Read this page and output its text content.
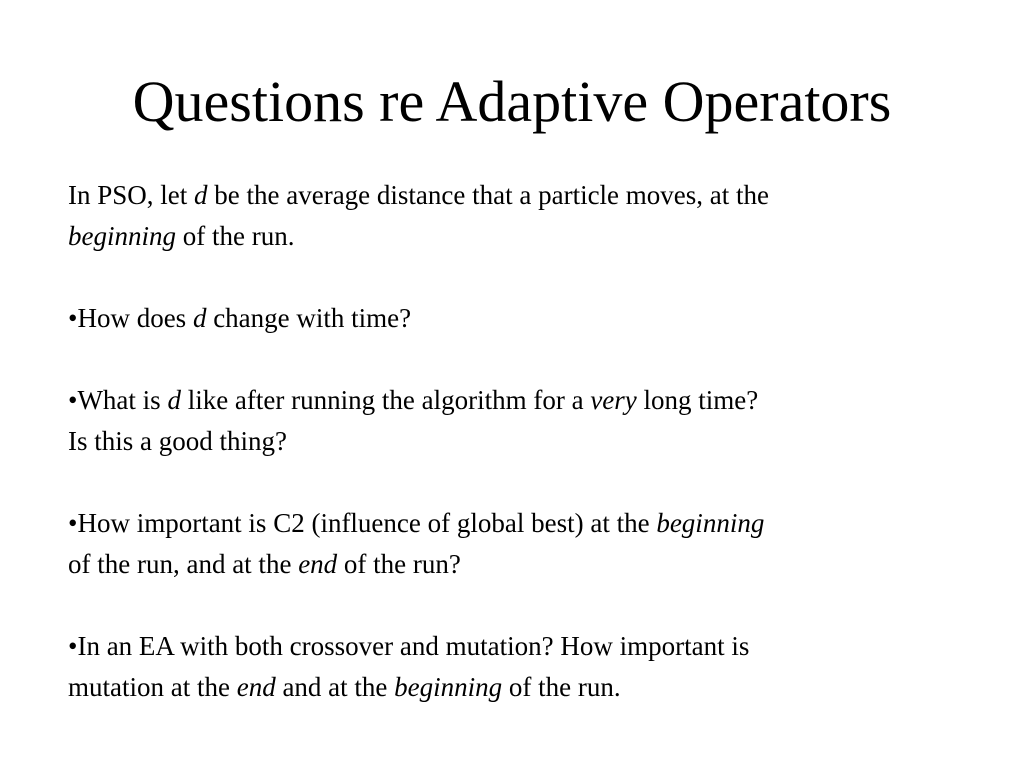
Questions re Adaptive Operators
In PSO, let d be the average distance that a particle moves, at the
beginning of the run.
•How does d change with time?
•What is d like after running the algorithm for a very long time?
Is this a good thing?
•How important is C2 (influence of global best) at the beginning
of the run, and at the end of the run?
•In an EA with both crossover and mutation? How important is
mutation at the end and at the beginning of the run.
